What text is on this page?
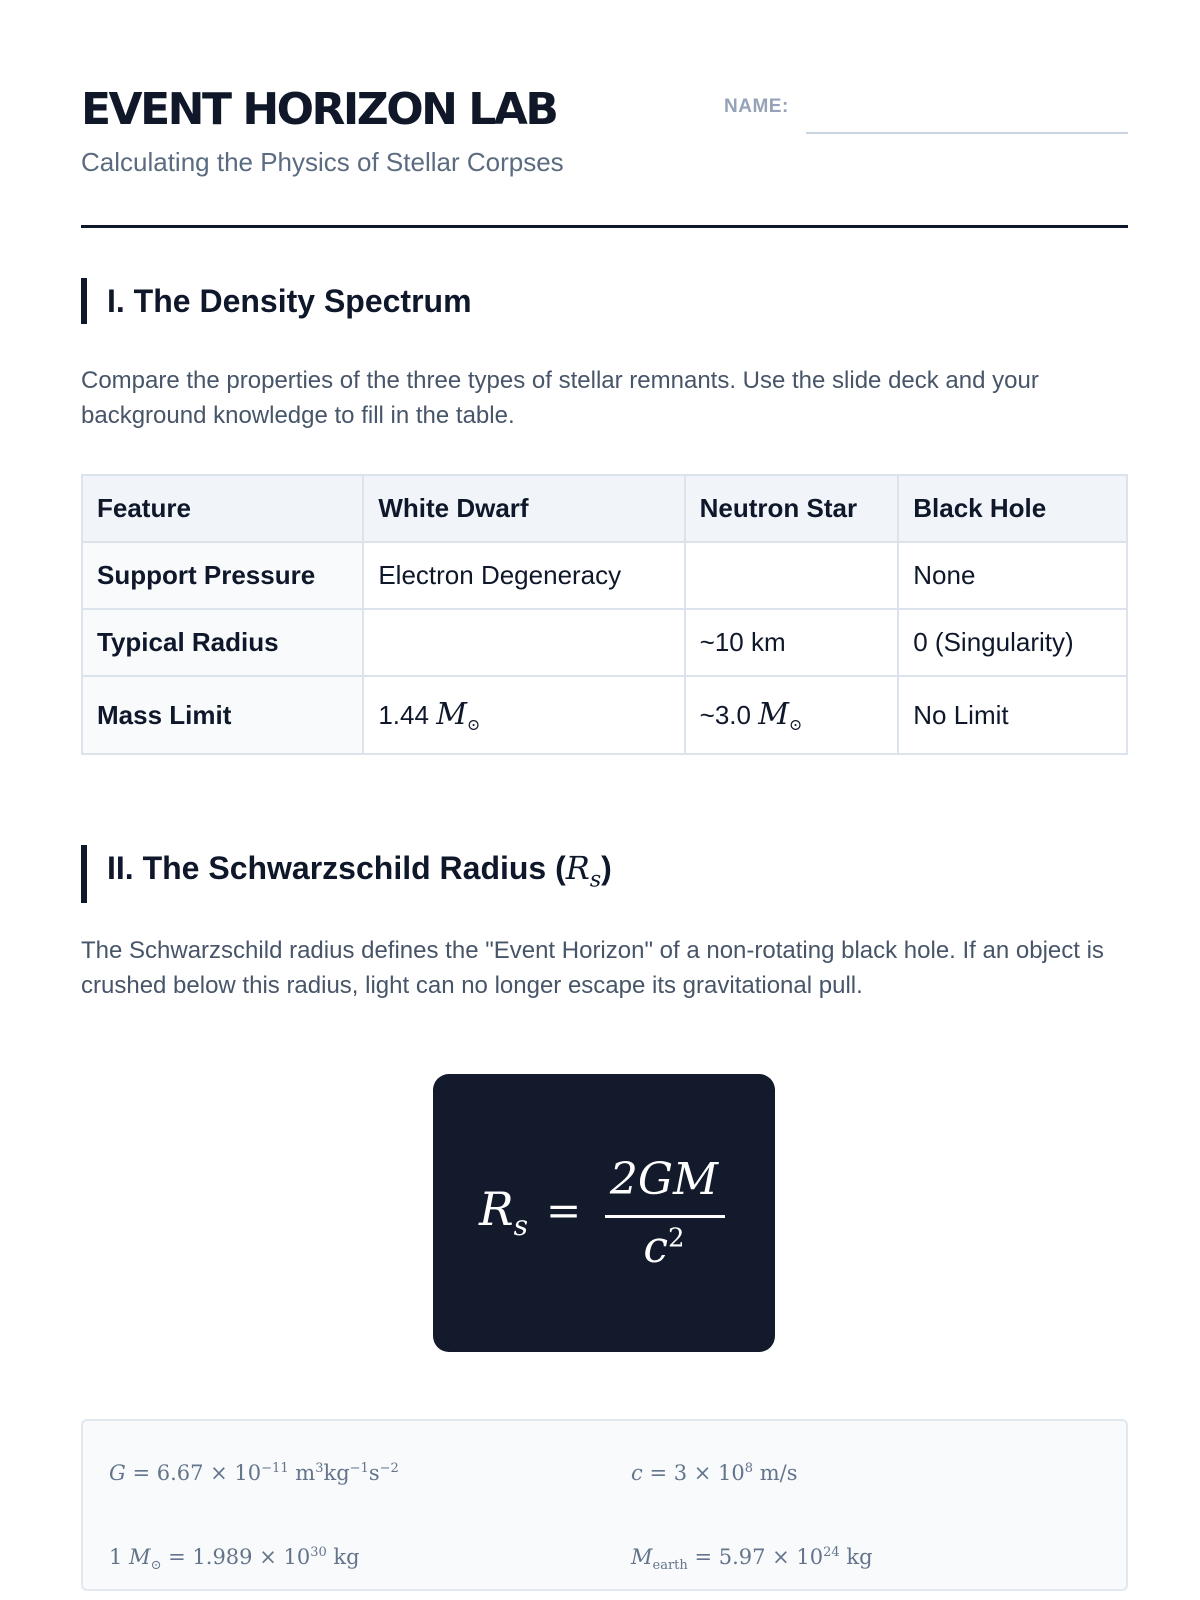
EVENT HORIZON LAB
Calculating the Physics of Stellar Corpses
NAME:
I. The Density Spectrum

Compare the properties of the three types of stellar remnants. Use the slide deck and your background knowledge to fill in the table.

Feature	White Dwarf	Neutron Star	Black Hole
Support Pressure	Electron Degeneracy		None
Typical Radius		~10 km	0 (Singularity)
Mass Limit	1.44 $M_⊙$	~3.0 $M_⊙$	No Limit
II. The Schwarzschild Radius $(R_s)$

The Schwarzschild radius defines the "Event Horizon" of a non-rotating black hole. If an object is crushed below this radius, light can no longer escape its gravitational pull.

$R_s$ =
2GM
$c^2$
$G = 6.67 \times 10^{-11}$ $m^3kg^{-1}s^{-2}$	$c = 3 \times 10^8$ m/s
1 $M_⊙ = 1.989 \times 10^{30}$ kg	$M_{earth} = 5.97 \times 10^{24}$ kg
